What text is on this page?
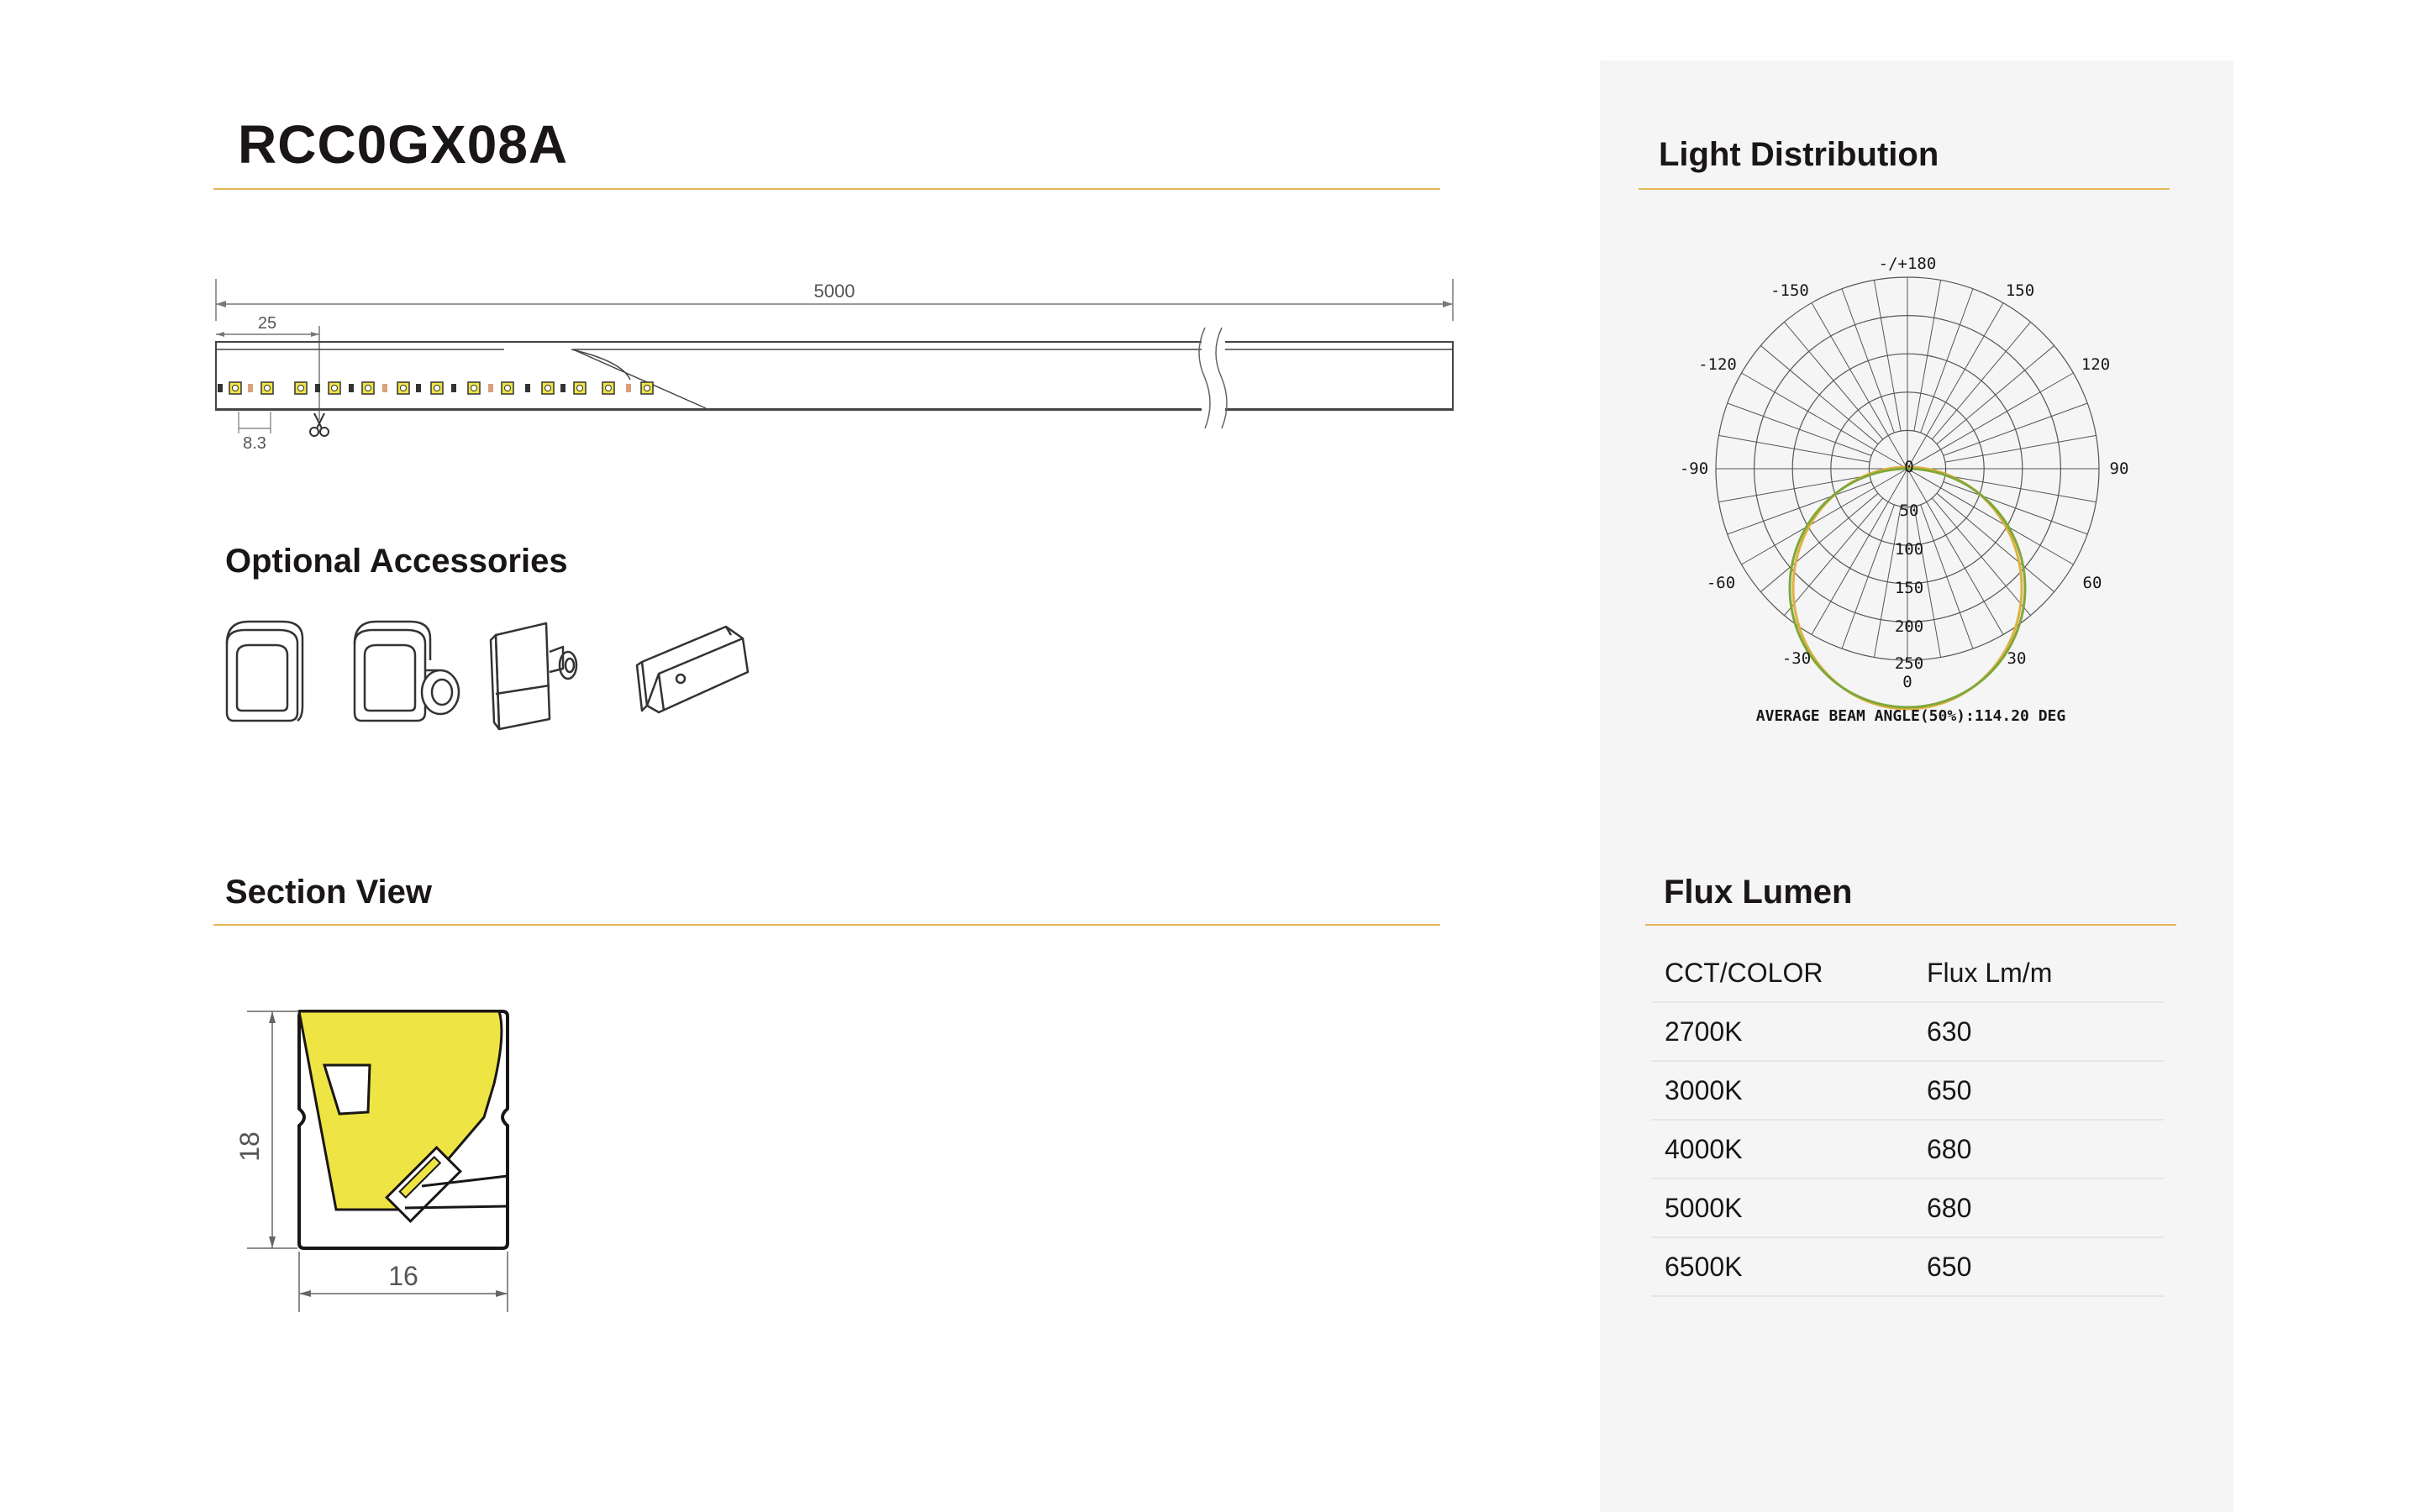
RCC0GX08A
5000
25
8.3
Optional Accessories
Section View
18
16
Light Distribution
-/+180
-150	150
-120	120
-90	90
-60	60
-30	30
0
0
50
100
150
200
250
AVERAGE BEAM ANGLE(50%):114.20 DEG
Flux Lumen
CCT/COLOR	Flux Lm/m
2700K	630
3000K	650
4000K	680
5000K	680
6500K	650
